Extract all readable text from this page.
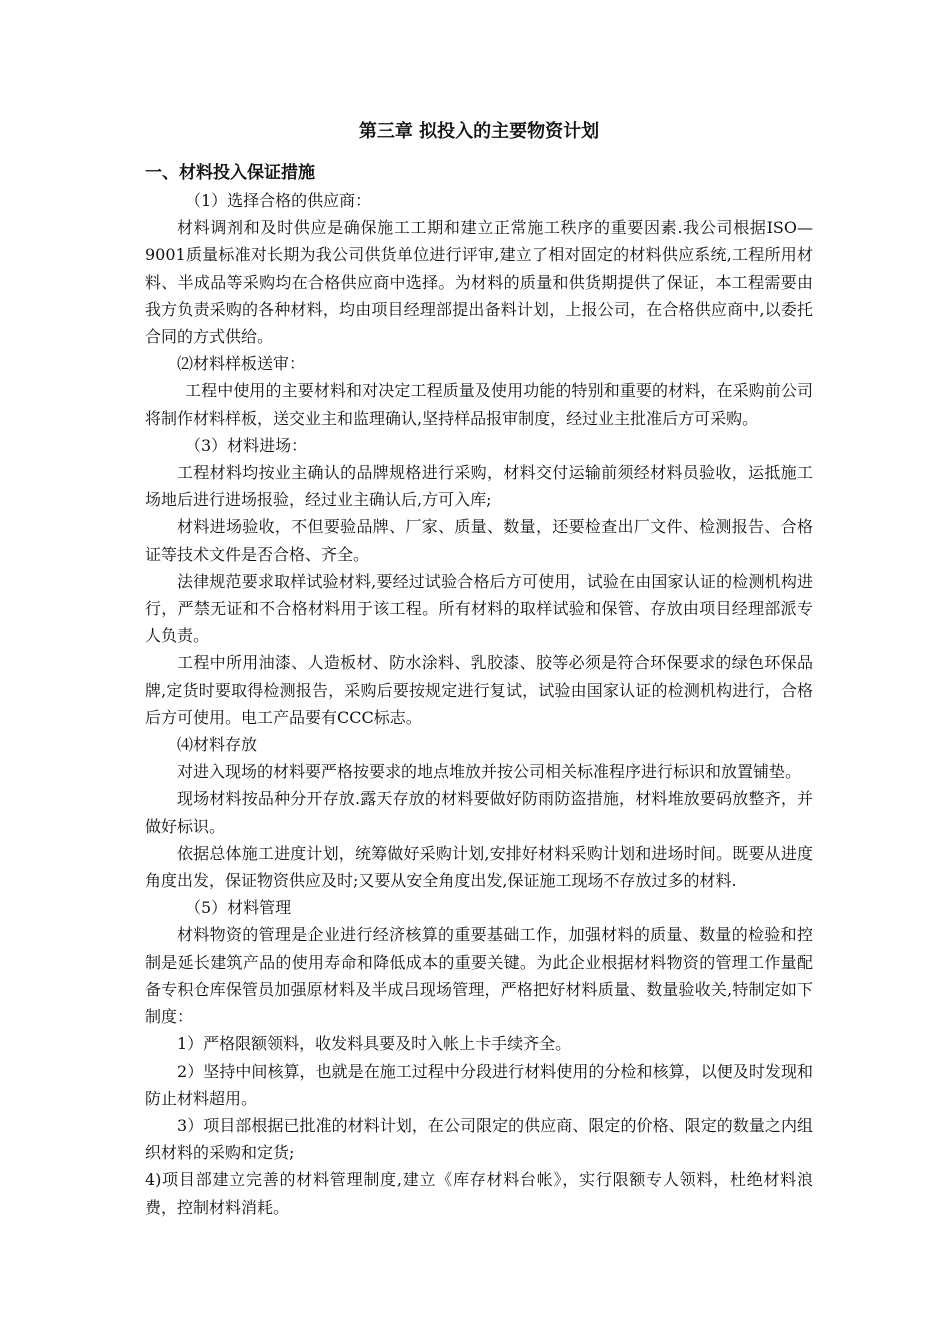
第三章 拟投入的主要物资计划
一、材料投入保证措施

（1）选择合格的供应商：

材料调剂和及时供应是确保施工工期和建立正常施工秩序的重要因素.我公司根据ISO—9001质量标准对长期为我公司供货单位进行评审,建立了相对固定的材料供应系统,工程所用材料、半成品等采购均在合格供应商中选择。为材料的质量和供货期提供了保证，本工程需要由我方负责采购的各种材料，均由项目经理部提出备料计划，上报公司，在合格供应商中,以委托合同的方式供给。

⑵材料样板送审：

工程中使用的主要材料和对决定工程质量及使用功能的特别和重要的材料，在采购前公司将制作材料样板，送交业主和监理确认,坚持样品报审制度，经过业主批准后方可采购。

（3）材料进场：

工程材料均按业主确认的品牌规格进行采购，材料交付运输前须经材料员验收，运抵施工场地后进行进场报验，经过业主确认后,方可入库;

材料进场验收，不但要验品牌、厂家、质量、数量，还要检查出厂文件、检测报告、合格证等技术文件是否合格、齐全。

法律规范要求取样试验材料,要经过试验合格后方可使用，试验在由国家认证的检测机构进行，严禁无证和不合格材料用于该工程。所有材料的取样试验和保管、存放由项目经理部派专人负责。

工程中所用油漆、人造板材、防水涂料、乳胶漆、胶等必须是符合环保要求的绿色环保品牌,定货时要取得检测报告，采购后要按规定进行复试，试验由国家认证的检测机构进行，合格后方可使用。电工产品要有CCC标志。

⑷材料存放

对进入现场的材料要严格按要求的地点堆放并按公司相关标准程序进行标识和放置铺垫。

现场材料按品种分开存放.露天存放的材料要做好防雨防盗措施，材料堆放要码放整齐，并做好标识。

依据总体施工进度计划，统筹做好采购计划,安排好材料采购计划和进场时间。既要从进度角度出发，保证物资供应及时;又要从安全角度出发,保证施工现场不存放过多的材料.

（5）材料管理

材料物资的管理是企业进行经济核算的重要基础工作，加强材料的质量、数量的检验和控制是延长建筑产品的使用寿命和降低成本的重要关键。为此企业根据材料物资的管理工作量配备专积仓库保管员加强原材料及半成吕现场管理，严格把好材料质量、数量验收关,特制定如下制度：

1）严格限额领料，收发料具要及时入帐上卡手续齐全。

2）坚持中间核算，也就是在施工过程中分段进行材料使用的分检和核算，以便及时发现和防止材料超用。

3）项目部根据已批准的材料计划，在公司限定的供应商、限定的价格、限定的数量之内组织材料的采购和定货;

4)项目部建立完善的材料管理制度,建立《库存材料台帐》，实行限额专人领料，杜绝材料浪费，控制材料消耗。
